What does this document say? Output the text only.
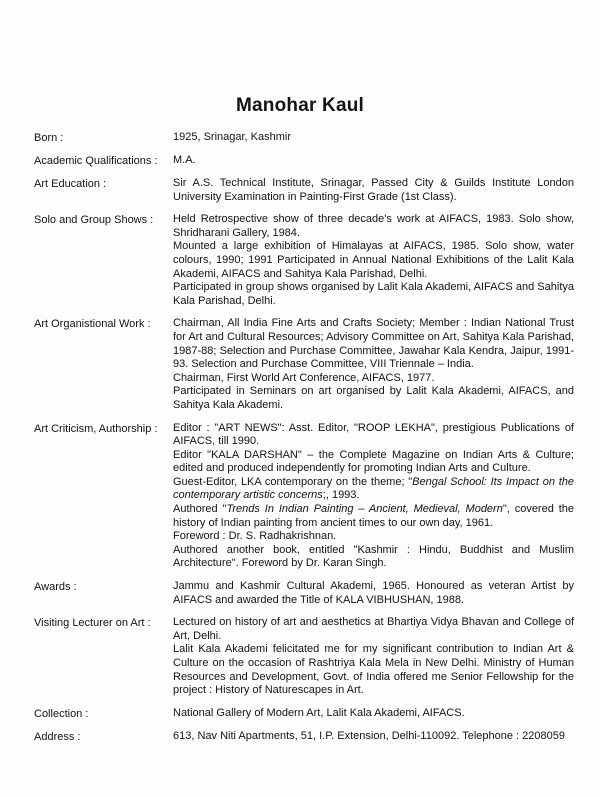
Manohar Kaul
Born :	1925, Srinagar, Kashmir
Academic Qualifications :	M.A.
Art Education :	Sir A.S. Technical Institute, Srinagar, Passed City & Guilds Institute London University Examination in Painting-First Grade (1st Class).
Solo and Group Shows :	Held Retrospective show of three decade's work at AIFACS, 1983. Solo show, Shridharani Gallery, 1984.
Mounted a large exhibition of Himalayas at AIFACS, 1985. Solo show, water colours, 1990; 1991 Participated in Annual National Exhibitions of the Lalit Kala Akademi, AIFACS and Sahitya Kala Parishad, Delhi.
Participated in group shows organised by Lalit Kala Akademi, AIFACS and Sahitya Kala Parishad, Delhi.
Art Organistional Work :	Chairman, All India Fine Arts and Crafts Society; Member : Indian National Trust for Art and Cultural Resources; Advisory Committee on Art, Sahitya Kala Parishad, 1987-88; Selection and Purchase Committee, Jawahar Kala Kendra, Jaipur, 1991-93. Selection and Purchase Committee, VIII Triennale – India.
Chairman, First World Art Conference, AIFACS, 1977.
Participated in Seminars on art organised by Lalit Kala Akademi, AIFACS, and Sahitya Kala Akademi.
Art Criticism, Authorship :	Editor : "ART NEWS": Asst. Editor, "ROOP LEKHA", prestigious Publications of AIFACS, till 1990.
Editor "KALA DARSHAN" – the Complete Magazine on Indian Arts & Culture; edited and produced independently for promoting Indian Arts and Culture.
Guest-Editor, LKA contemporary on the theme; "Bengal School: Its Impact on the contemporary artistic concerns;, 1993.
Authored "Trends In Indian Painting – Ancient, Medieval, Modern", covered the history of Indian painting from ancient times to our own day, 1961.
Foreword : Dr. S. Radhakrishnan.
Authored another book, entitled "Kashmir : Hindu, Buddhist and Muslim Architecture". Foreword by Dr. Karan Singh.
Awards :	Jammu and Kashmir Cultural Akademi, 1965. Honoured as veteran Artist by AIFACS and awarded the Title of KALA VIBHUSHAN, 1988.
Visiting Lecturer on Art :	Lectured on history of art and aesthetics at Bhartiya Vidya Bhavan and College of Art, Delhi.
Lalit Kala Akademi felicitated me for my significant contribution to Indian Art & Culture on the occasion of Rashtriya Kala Mela in New Delhi. Ministry of Human Resources and Development, Govt. of India offered me Senior Fellowship for the project : History of Naturescapes in Art.
Collection :	National Gallery of Modern Art, Lalit Kala Akademi, AIFACS.
Address :	613, Nav Niti Apartments, 51, I.P. Extension, Delhi-110092. Telephone : 2208059
